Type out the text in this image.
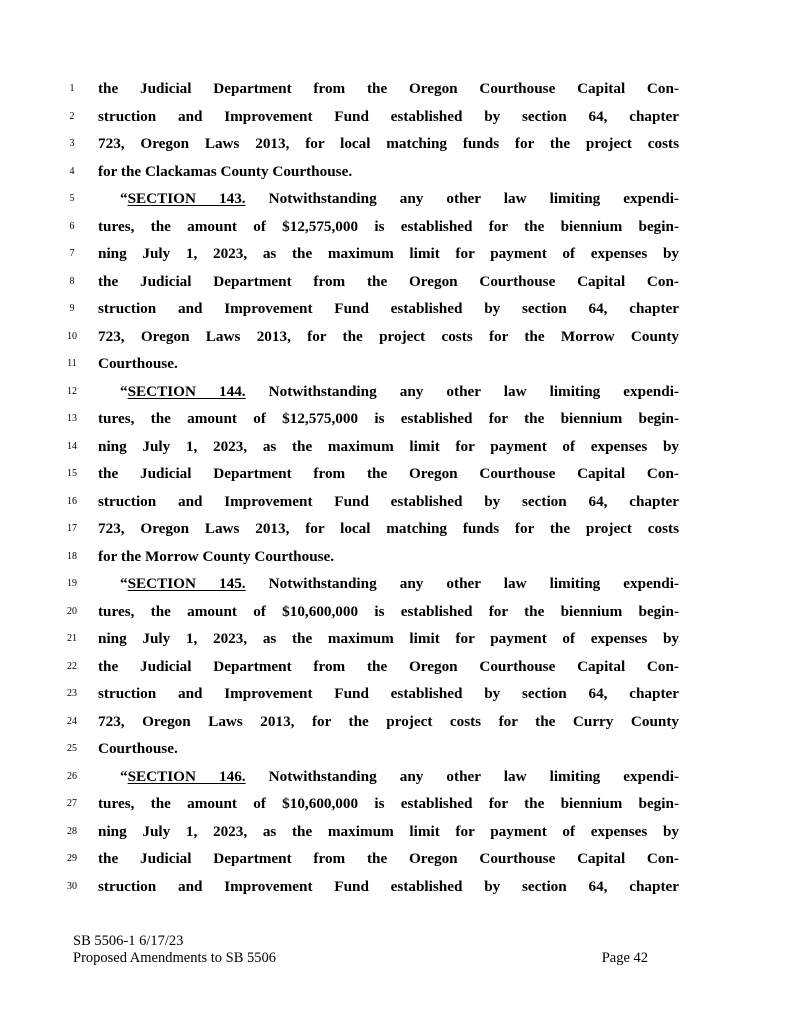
1	the Judicial Department from the Oregon Courthouse Capital Con-
2	struction and Improvement Fund established by section 64, chapter
3	723, Oregon Laws 2013, for local matching funds for the project costs
4	for the Clackamas County Courthouse.
5	“SECTION 143. Notwithstanding any other law limiting expendi-
6	tures, the amount of $12,575,000 is established for the biennium begin-
7	ning July 1, 2023, as the maximum limit for payment of expenses by
8	the Judicial Department from the Oregon Courthouse Capital Con-
9	struction and Improvement Fund established by section 64, chapter
10	723, Oregon Laws 2013, for the project costs for the Morrow County
11	Courthouse.
12	“SECTION 144. Notwithstanding any other law limiting expendi-
13	tures, the amount of $12,575,000 is established for the biennium begin-
14	ning July 1, 2023, as the maximum limit for payment of expenses by
15	the Judicial Department from the Oregon Courthouse Capital Con-
16	struction and Improvement Fund established by section 64, chapter
17	723, Oregon Laws 2013, for local matching funds for the project costs
18	for the Morrow County Courthouse.
19	“SECTION 145. Notwithstanding any other law limiting expendi-
20	tures, the amount of $10,600,000 is established for the biennium begin-
21	ning July 1, 2023, as the maximum limit for payment of expenses by
22	the Judicial Department from the Oregon Courthouse Capital Con-
23	struction and Improvement Fund established by section 64, chapter
24	723, Oregon Laws 2013, for the project costs for the Curry County
25	Courthouse.
26	“SECTION 146. Notwithstanding any other law limiting expendi-
27	tures, the amount of $10,600,000 is established for the biennium begin-
28	ning July 1, 2023, as the maximum limit for payment of expenses by
29	the Judicial Department from the Oregon Courthouse Capital Con-
30	struction and Improvement Fund established by section 64, chapter
SB 5506-1 6/17/23
Proposed Amendments to SB 5506	Page 42
